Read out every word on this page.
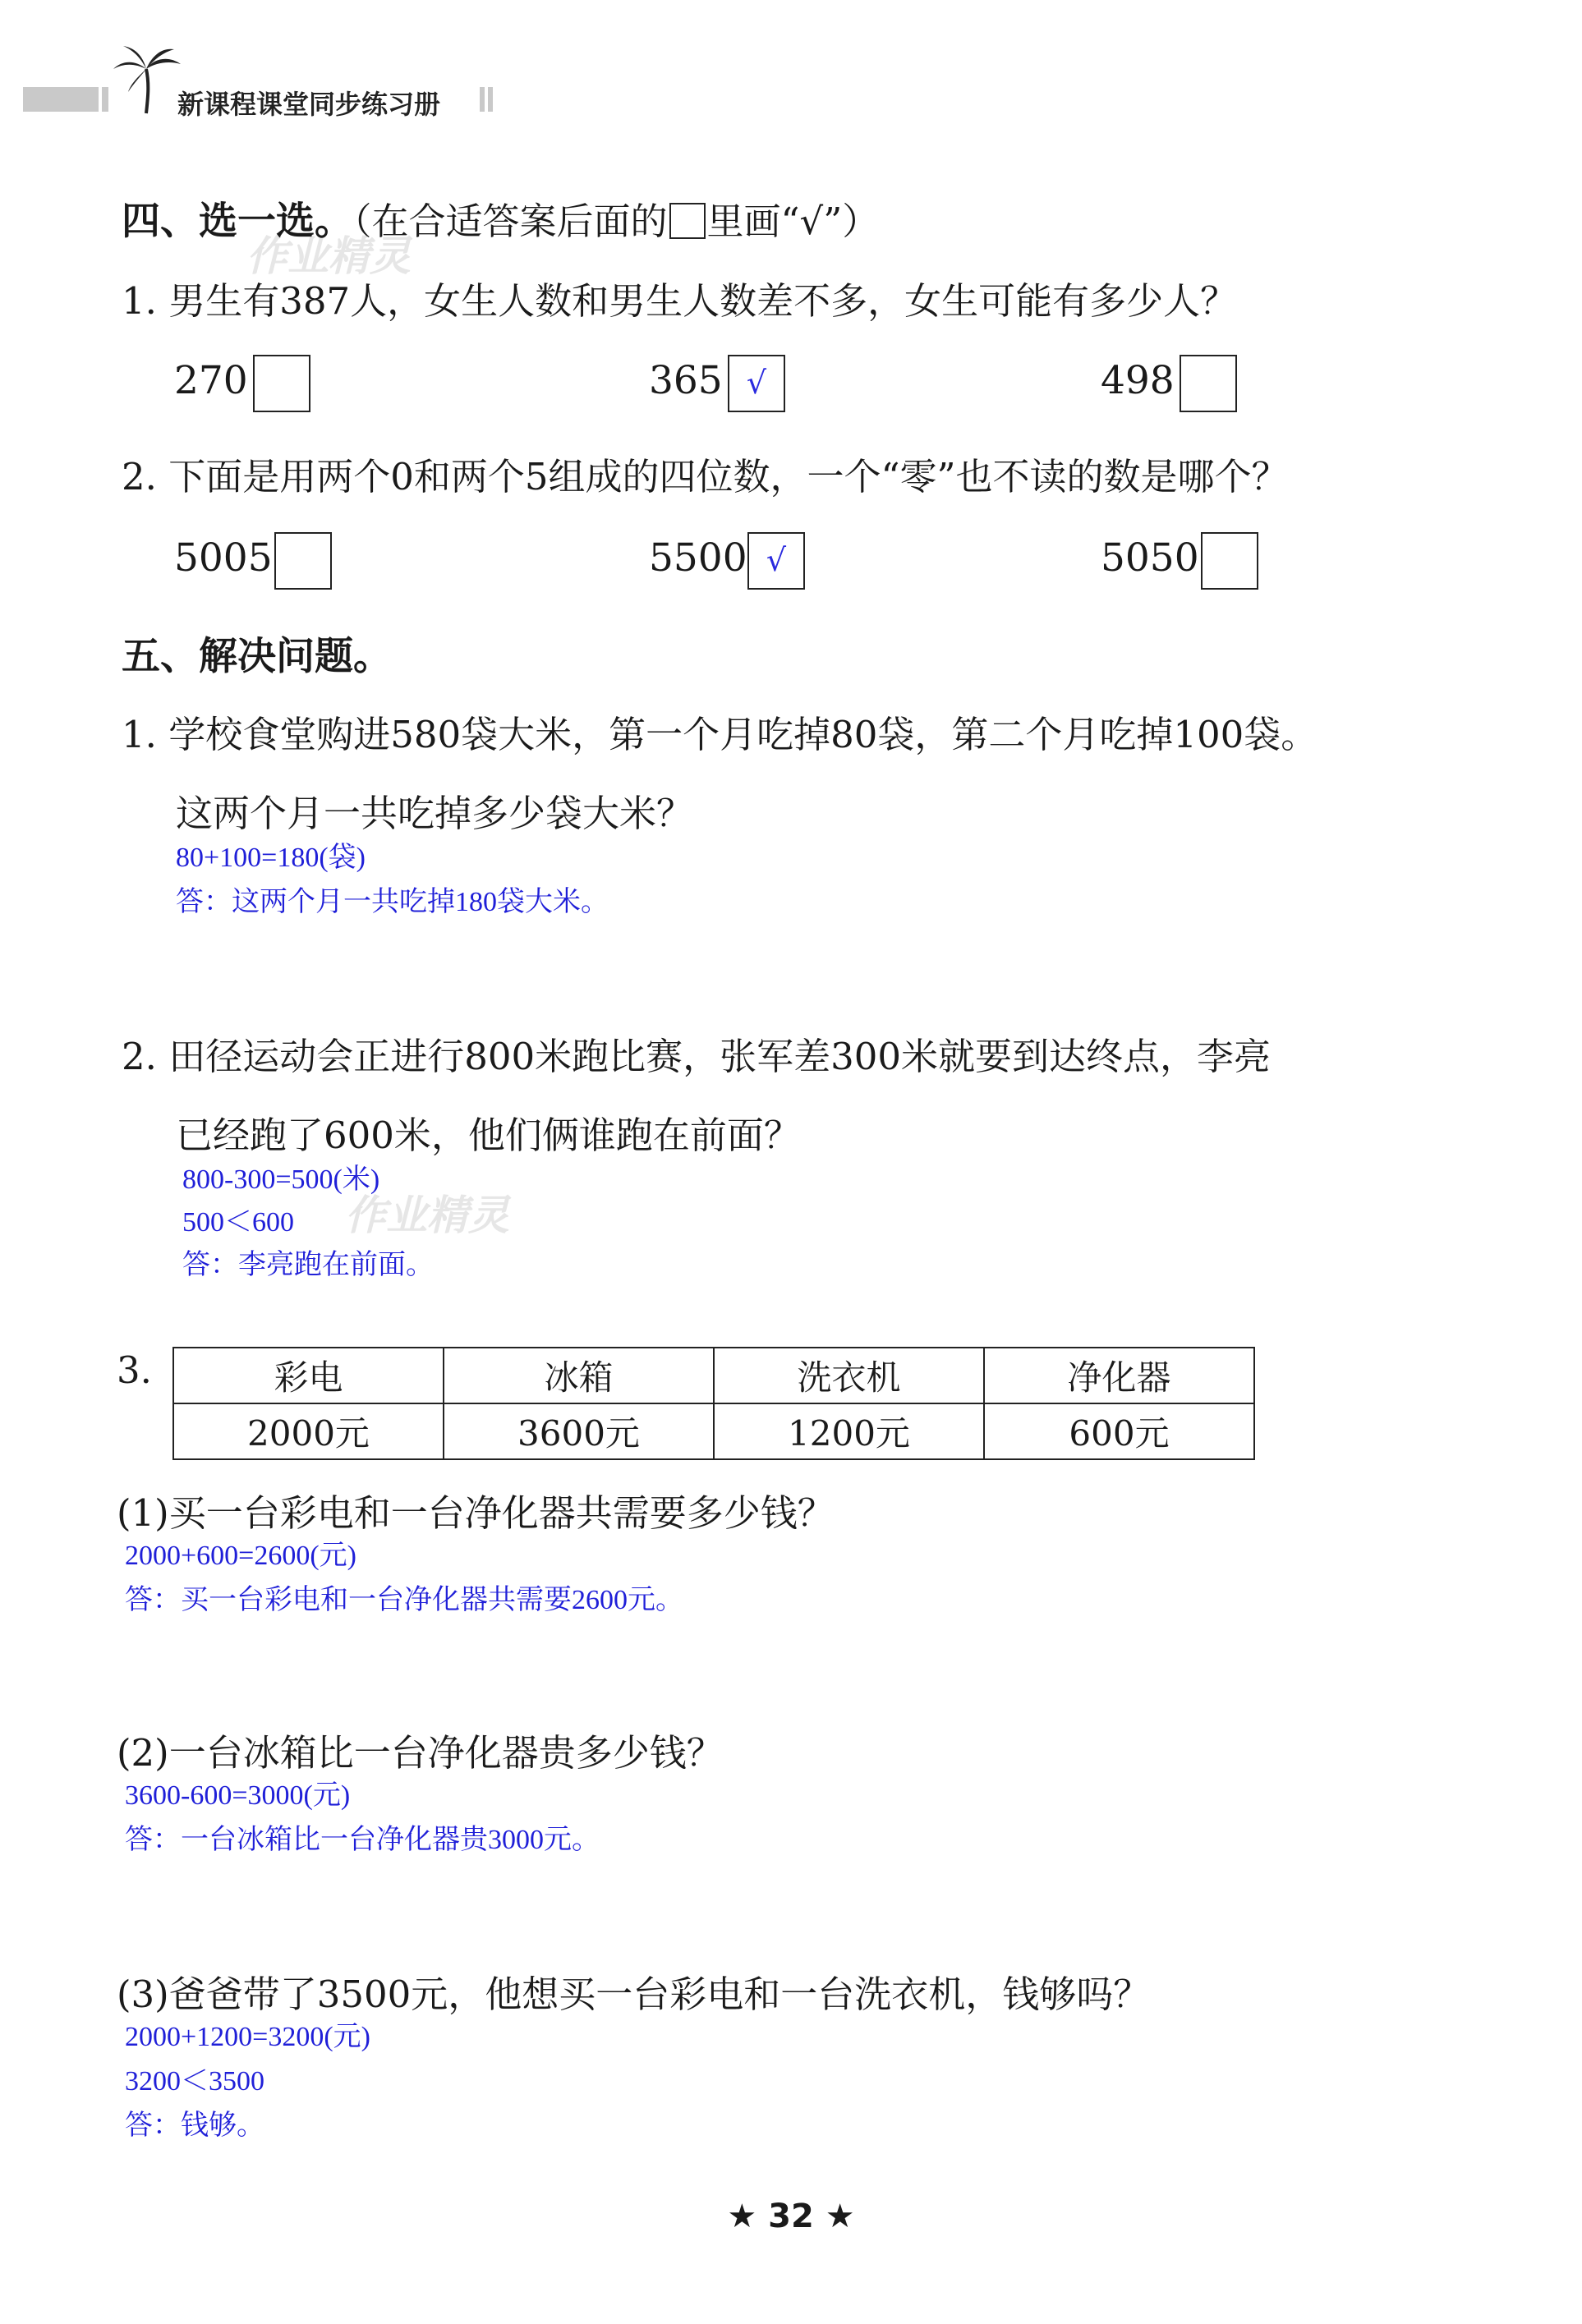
新课程课堂同步练习册
作业精灵
作业精灵
四、选一选。（在合适答案后面的 里画“√”）
1. 男生有387人，女生人数和男生人数差不多，女生可能有多少人？
270	365 √	498
2. 下面是用两个0和两个5组成的四位数，一个“零”也不读的数是哪个？
5005	5500 √	5050
五、解决问题。
1. 学校食堂购进580袋大米，第一个月吃掉80袋，第二个月吃掉100袋。
这两个月一共吃掉多少袋大米？
80+100=180(袋)
答：这两个月一共吃掉180袋大米。
2. 田径运动会正进行800米跑比赛，张军差300米就要到达终点，李亮
已经跑了600米，他们俩谁跑在前面？
800-300=500(米)
500＜600
答：李亮跑在前面。
3.	彩电	冰箱	洗衣机	净化器
2000元	3600元	1200元	600元
(1)买一台彩电和一台净化器共需要多少钱？
2000+600=2600(元)
答：买一台彩电和一台净化器共需要2600元。
(2)一台冰箱比一台净化器贵多少钱？
3600-600=3000(元)
答：一台冰箱比一台净化器贵3000元。
(3)爸爸带了3500元，他想买一台彩电和一台洗衣机，钱够吗？
2000+1200=3200(元)
3200＜3500
答：钱够。
★ 32 ★
